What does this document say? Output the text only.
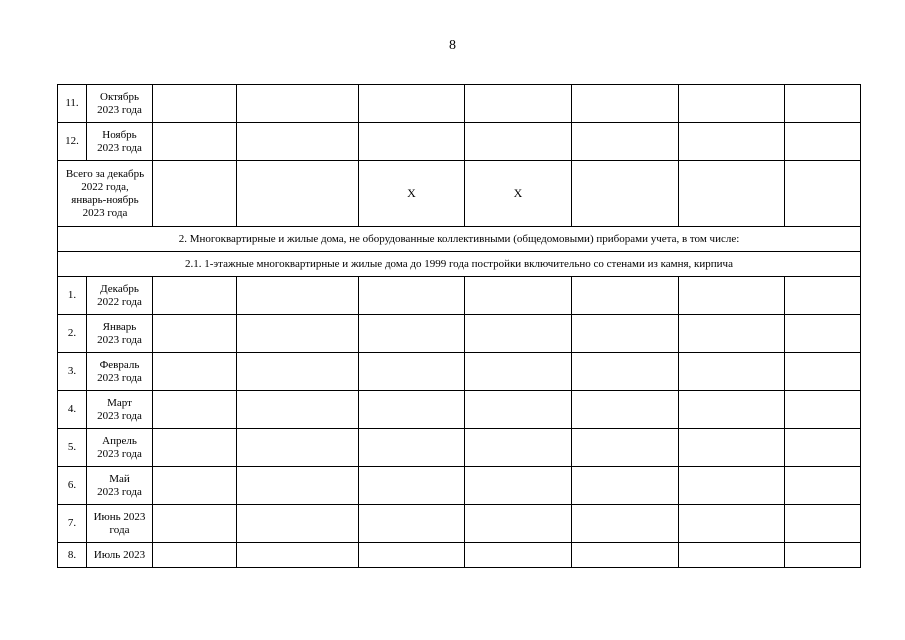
8
11.	Октябрь
2023 года							
12.	Ноябрь
2023 года							
Всего за декабрь
2022 года,
январь-ноябрь
2023 года				X	X			
2. Многоквартирные и жилые дома, не оборудованные коллективными (общедомовыми) приборами учета, в том числе:								
2.1. 1-этажные многоквартирные и жилые дома до 1999 года постройки включительно со стенами из камня, кирпича								
1.	Декабрь
2022 года							
2.	Январь
2023 года							
3.	Февраль
2023 года							
4.	Март
2023 года							
5.	Апрель
2023 года							
6.	Май
2023 года							
7.	Июнь 2023
года							
8.	Июль 2023							
